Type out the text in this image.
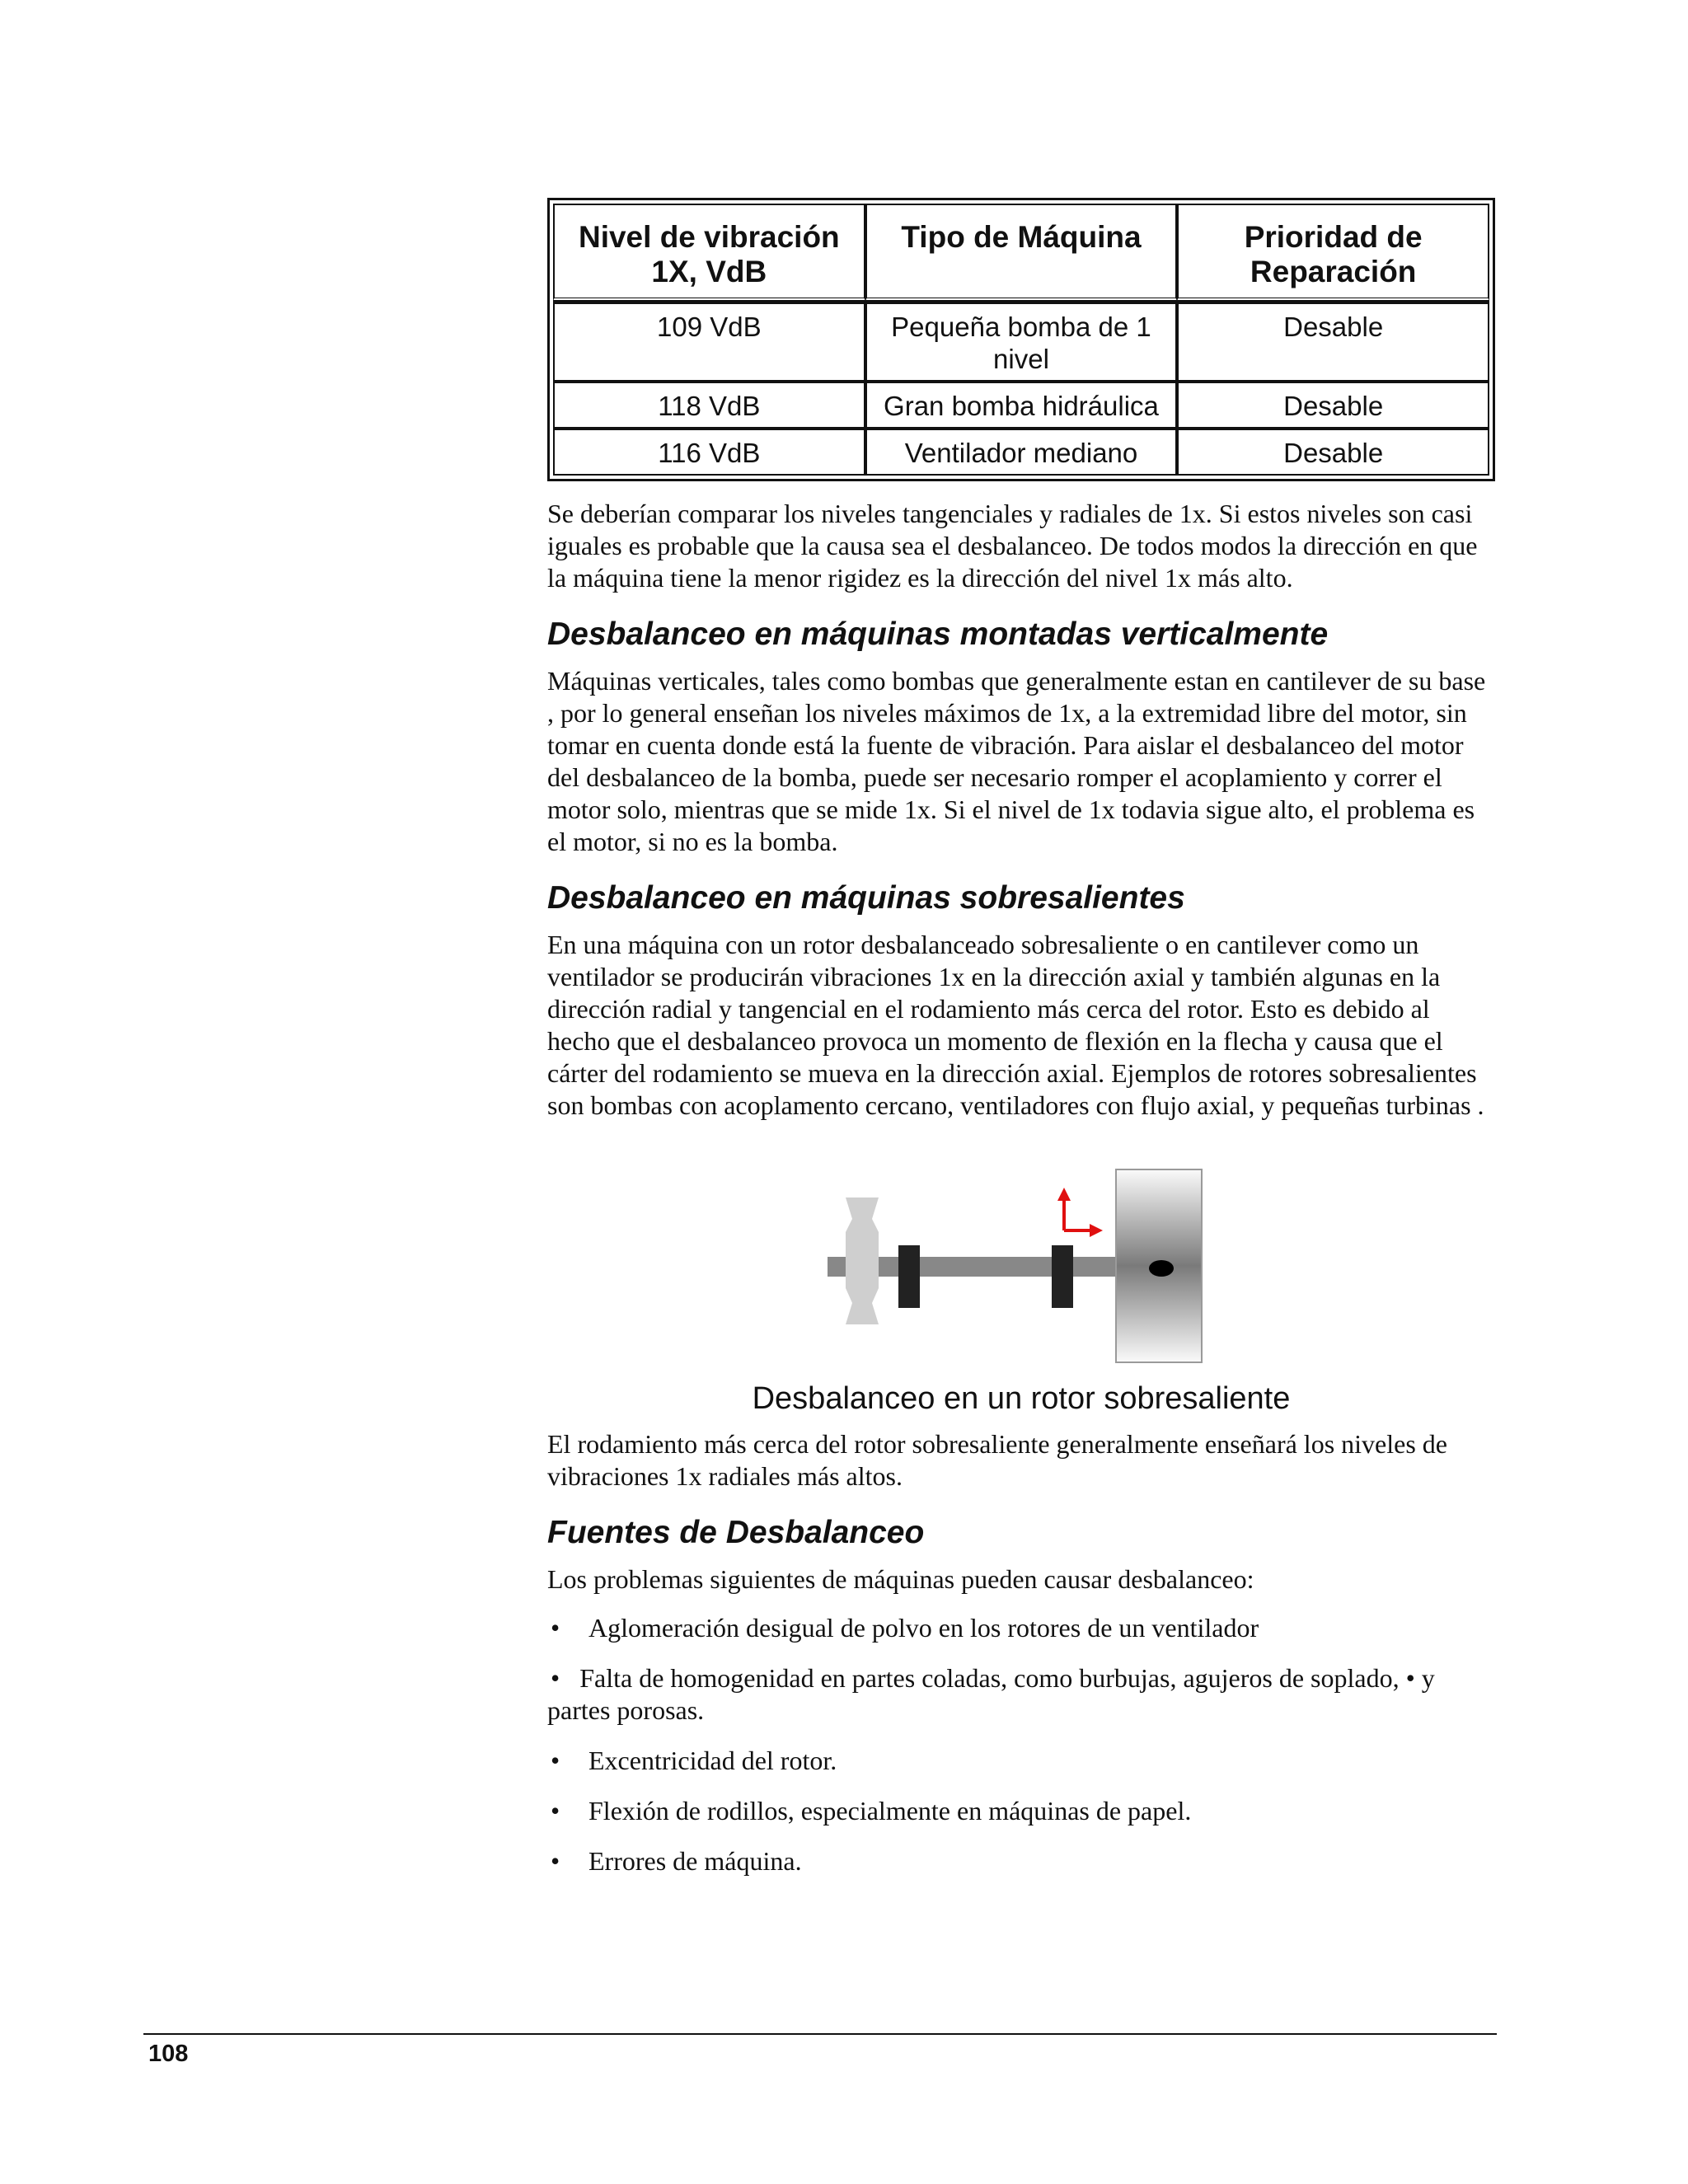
Nivel de vibración 1X, VdB	Tipo de Máquina	Prioridad de Reparación
109 VdB	Pequeña bomba de 1 nivel	Desable
118 VdB	Gran bomba hidráulica	Desable
116 VdB	Ventilador mediano	Desable

Se deberían comparar los niveles tangenciales y radiales de 1x. Si estos niveles son casi iguales es probable que la causa sea el desbalanceo. De todos modos la dirección en que la máquina tiene la menor rigidez es la dirección del nivel 1x más alto.

Desbalanceo en máquinas montadas verticalmente

Máquinas verticales, tales como bombas que generalmente estan en cantilever de su base , por lo general enseñan los niveles máximos de 1x, a la extremidad libre del motor, sin tomar en cuenta donde está la fuente de vibración. Para aislar el desbalanceo del motor del desbalanceo de la bomba, puede ser necesario romper el acoplamiento y correr el motor solo, mientras que se mide 1x. Si el nivel de 1x todavia sigue alto, el problema es el motor, si no es la bomba.

Desbalanceo en máquinas sobresalientes

En una máquina con un rotor desbalanceado sobresaliente o en cantilever como un ventilador se producirán vibraciones 1x en la dirección axial y también algunas en la dirección radial y tangencial en el rodamiento más cerca del rotor. Esto es debido al hecho que el desbalanceo provoca un momento de flexión en la flecha y causa que el cárter del rodamiento se mueva en la dirección axial. Ejemplos de rotores sobresalientes son bombas con acoplamento cercano, ventiladores con flujo axial, y pequeñas turbinas .

Desbalanceo en un rotor sobresaliente

El rodamiento más cerca del rotor sobresaliente generalmente enseñará los niveles de vibraciones 1x radiales más altos.

Fuentes de Desbalanceo

Los problemas siguientes de máquinas pueden causar desbalanceo:

• Aglomeración desigual de polvo en los rotores de un ventilador
• Falta de homogenidad en partes coladas, como burbujas, agujeros de soplado, • y partes porosas.
• Excentricidad del rotor.
• Flexión de rodillos, especialmente en máquinas de papel.
• Errores de máquina.
108
